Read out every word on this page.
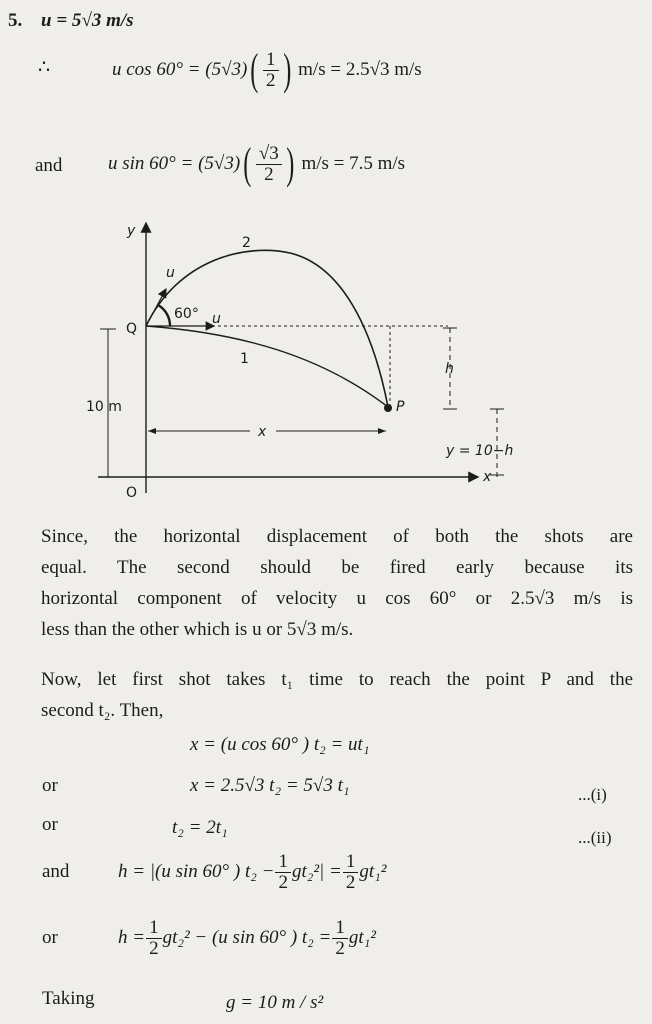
5. u = 5√3 m/s
∴	u cos 60° = (5√3) ( $\frac{1}{2}$ ) m/s = 2.5√3 m/s
and u sin 60° = (5√3) ( $\frac{√3}{2}$ ) m/s = 7.5 m/s
y
x
O
Q
10 m
2
1
u
u
60°
P
h
x
y = 10−h
Since, the horizontal displacement of both the shots are
equal. The second should be fired early because its
horizontal component of velocity u cos 60° or 2.5√3 m/s is
less than the other which is u or 5√3 m/s.
Now, let first shot takes t₁ time to reach the point P and the
second t₂. Then,
x = (u cos 60° ) t₂ = ut₁
or	x = 2.5√3 t₂ = 5√3 t₁	...(i)
or	t₂ = 2t₁	...(ii)
and	h = |(u sin 60° ) $t_2 - \frac{1}{2} gt_2^2| = \frac{1}{2} gt_1^2$
or	$h = \frac{1}{2} gt_2^2 - (u$ sin 60° ) $t_2 = \frac{1}{2} gt_1^2$
Taking	g = 10 m / s²
